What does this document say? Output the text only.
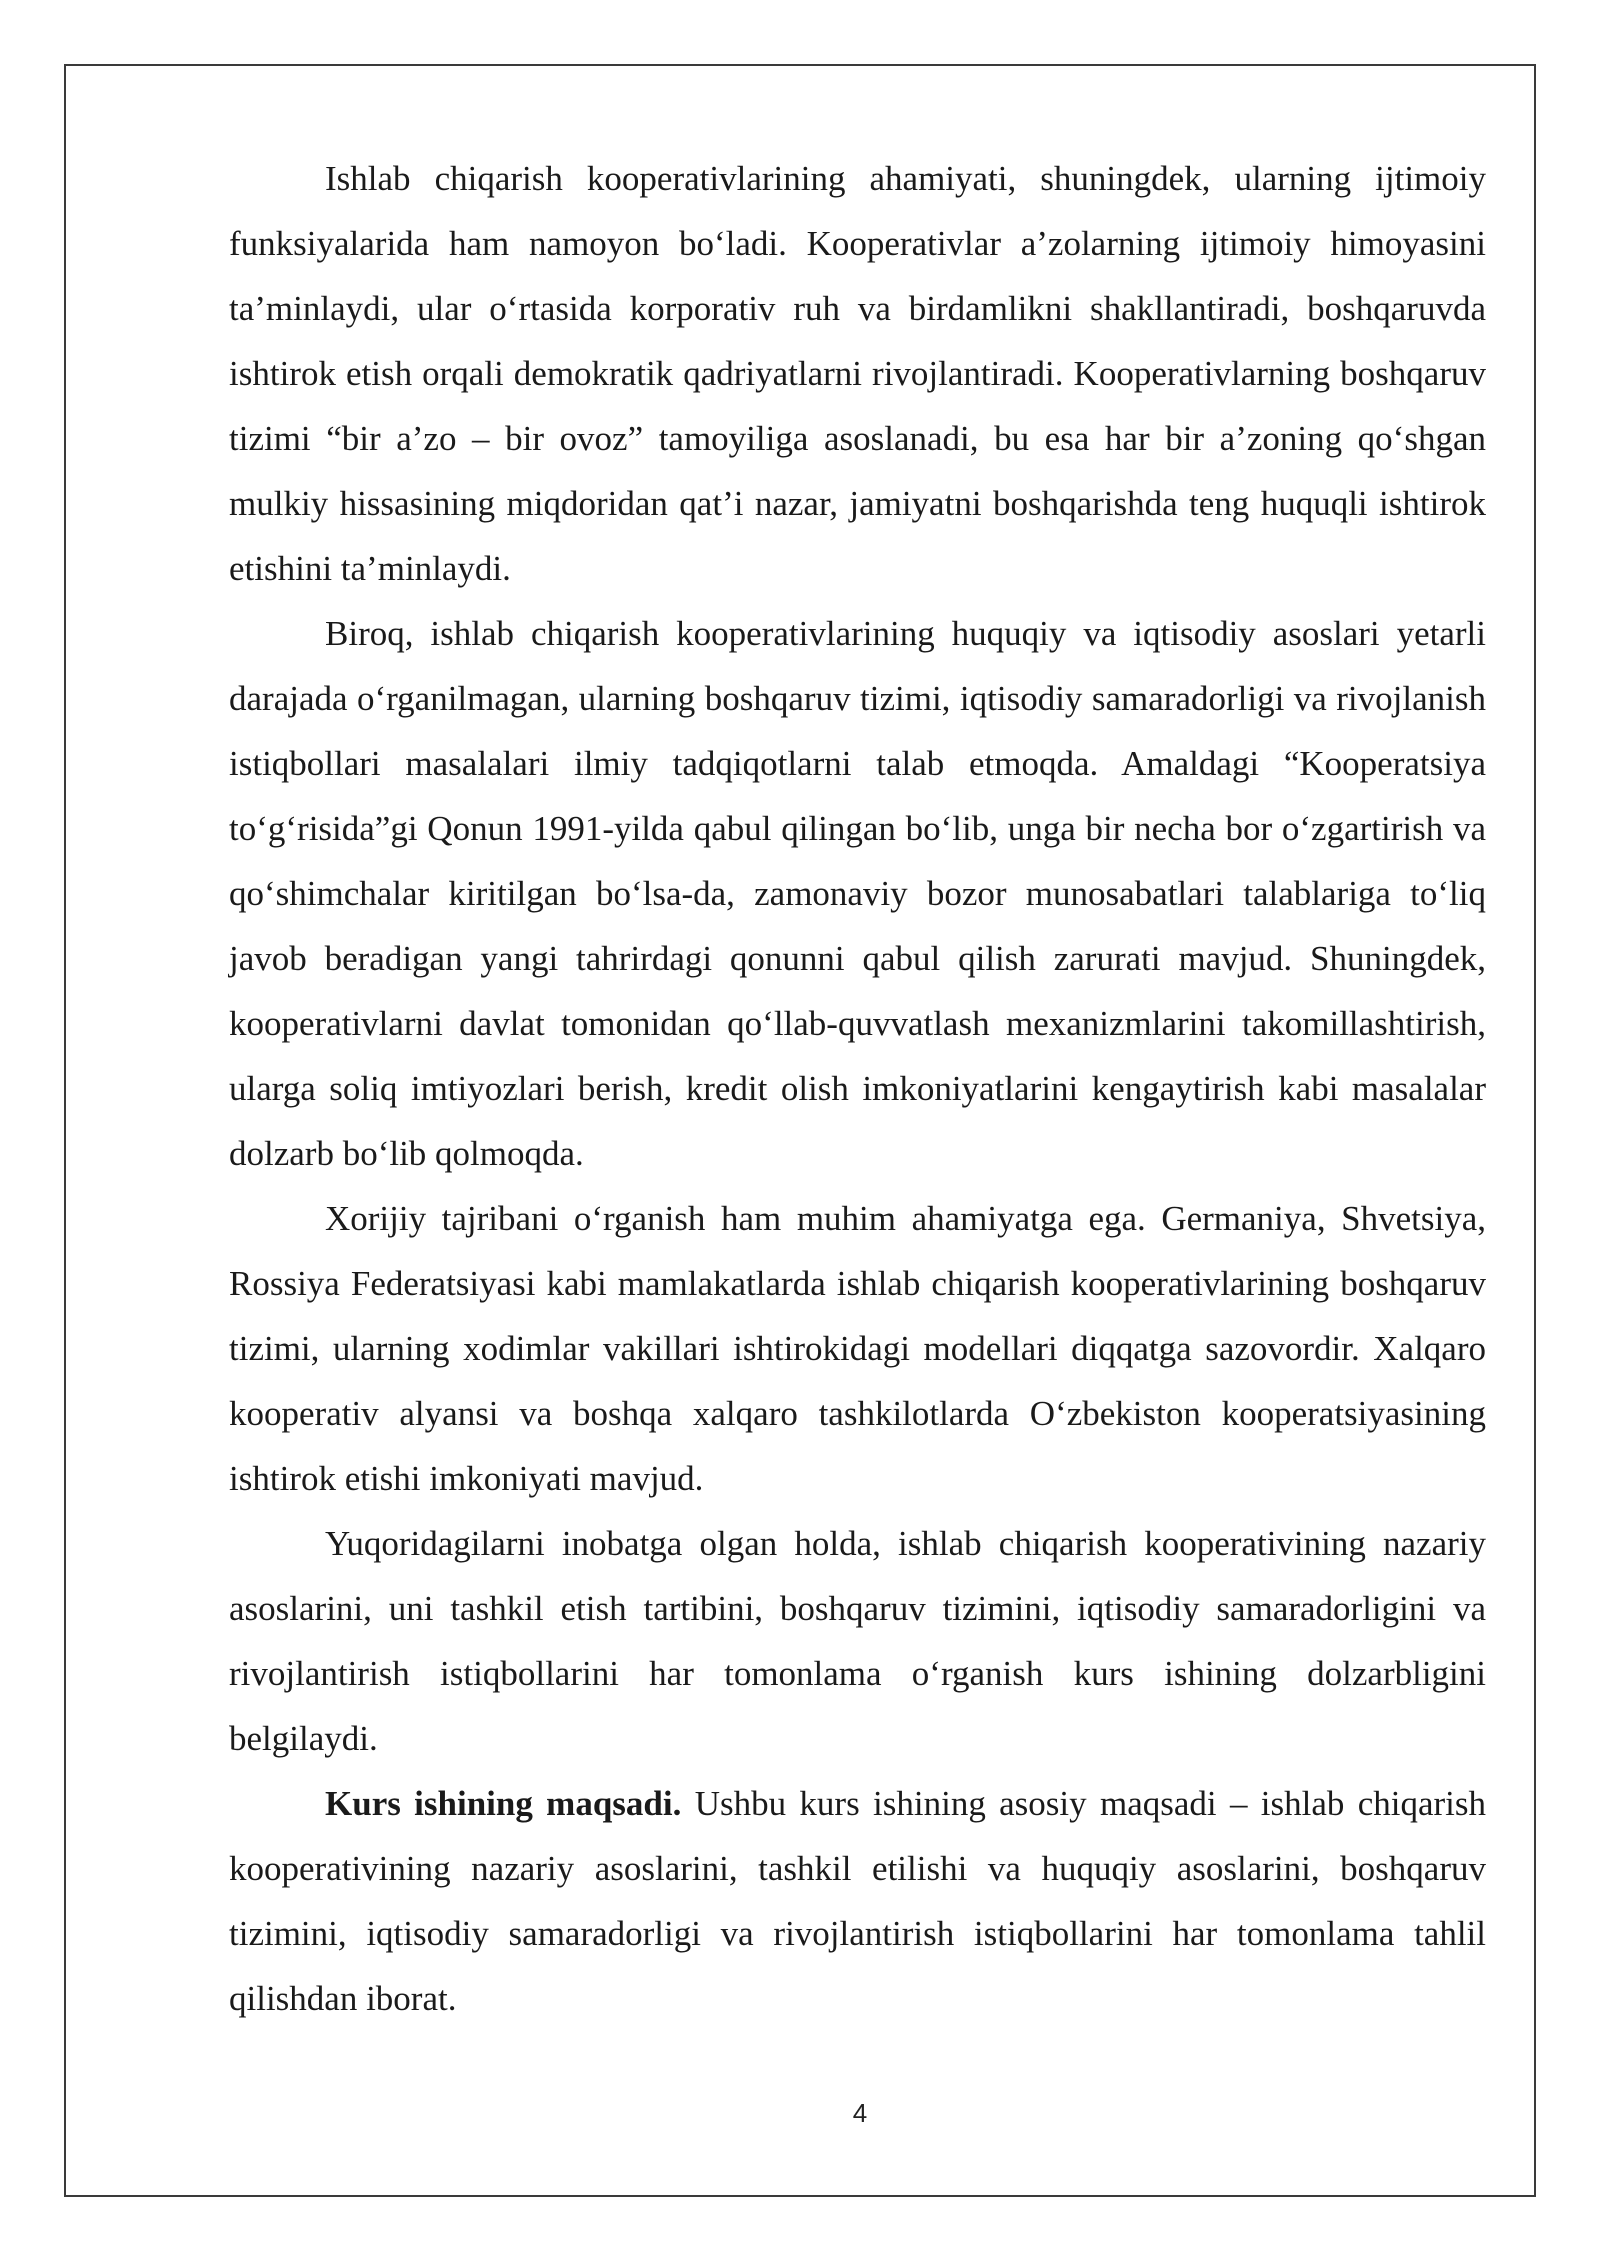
Ishlab chiqarish kooperativlarining ahamiyati, shuningdek, ularning ijtimoiy funksiyalarida ham namoyon bo‘ladi. Kooperativlar a’zolarning ijtimoiy himoyasini ta’minlaydi, ular o‘rtasida korporativ ruh va birdamlikni shakllantiradi, boshqaruvda ishtirok etish orqali demokratik qadriyatlarni rivojlantiradi. Kooperativlarning boshqaruv tizimi “bir a’zo – bir ovoz” tamoyiliga asoslanadi, bu esa har bir a’zoning qo‘shgan mulkiy hissasining miqdoridan qat’i nazar, jamiyatni boshqarishda teng huquqli ishtirok etishini ta’minlaydi.

Biroq, ishlab chiqarish kooperativlarining huquqiy va iqtisodiy asoslari yetarli darajada o‘rganilmagan, ularning boshqaruv tizimi, iqtisodiy samaradorligi va rivojlanish istiqbollari masalalari ilmiy tadqiqotlarni talab etmoqda. Amaldagi “Kooperatsiya to‘g‘risida”gi Qonun 1991-yilda qabul qilingan bo‘lib, unga bir necha bor o‘zgartirish va qo‘shimchalar kiritilgan bo‘lsa-da, zamonaviy bozor munosabatlari talablariga to‘liq javob beradigan yangi tahrirdagi qonunni qabul qilish zarurati mavjud. Shuningdek, kooperativlarni davlat tomonidan qo‘llab-quvvatlash mexanizmlarini takomillashtirish, ularga soliq imtiyozlari berish, kredit olish imkoniyatlarini kengaytirish kabi masalalar dolzarb bo‘lib qolmoqda.

Xorijiy tajribani o‘rganish ham muhim ahamiyatga ega. Germaniya, Shvetsiya, Rossiya Federatsiyasi kabi mamlakatlarda ishlab chiqarish kooperativlarining boshqaruv tizimi, ularning xodimlar vakillari ishtirokidagi modellari diqqatga sazovordir. Xalqaro kooperativ alyansi va boshqa xalqaro tashkilotlarda O‘zbekiston kooperatsiyasining ishtirok etishi imkoniyati mavjud.

Yuqoridagilarni inobatga olgan holda, ishlab chiqarish kooperativining nazariy asoslarini, uni tashkil etish tartibini, boshqaruv tizimini, iqtisodiy samaradorligini va rivojlantirish istiqbollarini har tomonlama o‘rganish kurs ishining dolzarbligini belgilaydi.

Kurs ishining maqsadi. Ushbu kurs ishining asosiy maqsadi – ishlab chiqarish kooperativining nazariy asoslarini, tashkil etilishi va huquqiy asoslarini, boshqaruv tizimini, iqtisodiy samaradorligi va rivojlantirish istiqbollarini har tomonlama tahlil qilishdan iborat.

4
